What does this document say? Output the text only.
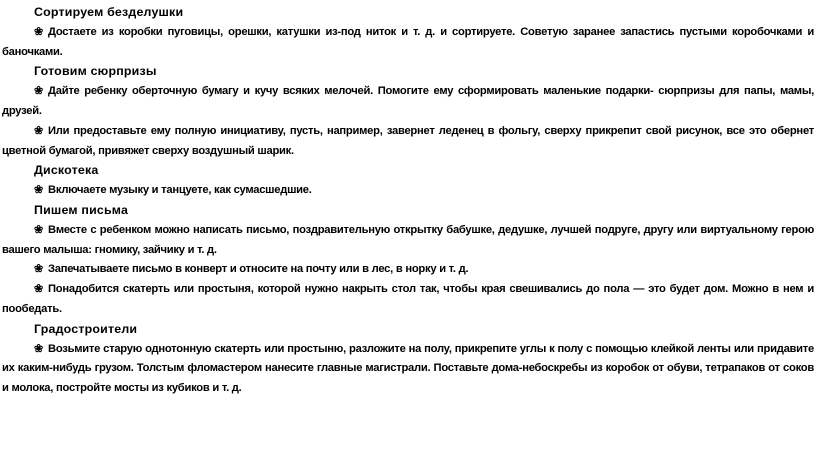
Сортируем безделушки

❀ Достаете из коробки пуговицы, орешки, катушки из-под ниток и т. д. и сортируете. Советую заранее запастись пустыми коробочками и баночками.

Готовим сюрпризы

❀ Дайте ребенку оберточную бумагу и кучу всяких мелочей. Помогите ему сформировать маленькие подарки- сюрпризы для папы, мамы, друзей.

❀ Или предоставьте ему полную инициативу, пусть, например, завернет леденец в фольгу, сверху прикрепит свой рисунок, все это обернет цветной бумагой, привяжет сверху воздушный шарик.

Дискотека

❀ Включаете музыку и танцуете, как сумасшедшие.

Пишем письма

❀ Вместе с ребенком можно написать письмо, поздравительную открытку бабушке, дедушке, лучшей подруге, другу или виртуальному герою вашего малыша: гномику, зайчику и т. д.

❀ Запечатываете письмо в конверт и относите на почту или в лес, в норку и т. д.

❀ Понадобится скатерть или простыня, которой нужно накрыть стол так, чтобы края свешивались до пола — это будет дом. Можно в нем и пообедать.

Градостроители

❀ Возьмите старую однотонную скатерть или простыню, разложите на полу, прикрепите углы к полу с помощью клейкой ленты или придавите их каким-нибудь грузом. Толстым фломастером нанесите главные магистрали. Поставьте дома-небоскребы из коробок от обуви, тетрапаков от соков и молока, постройте мосты из кубиков и т. д.
